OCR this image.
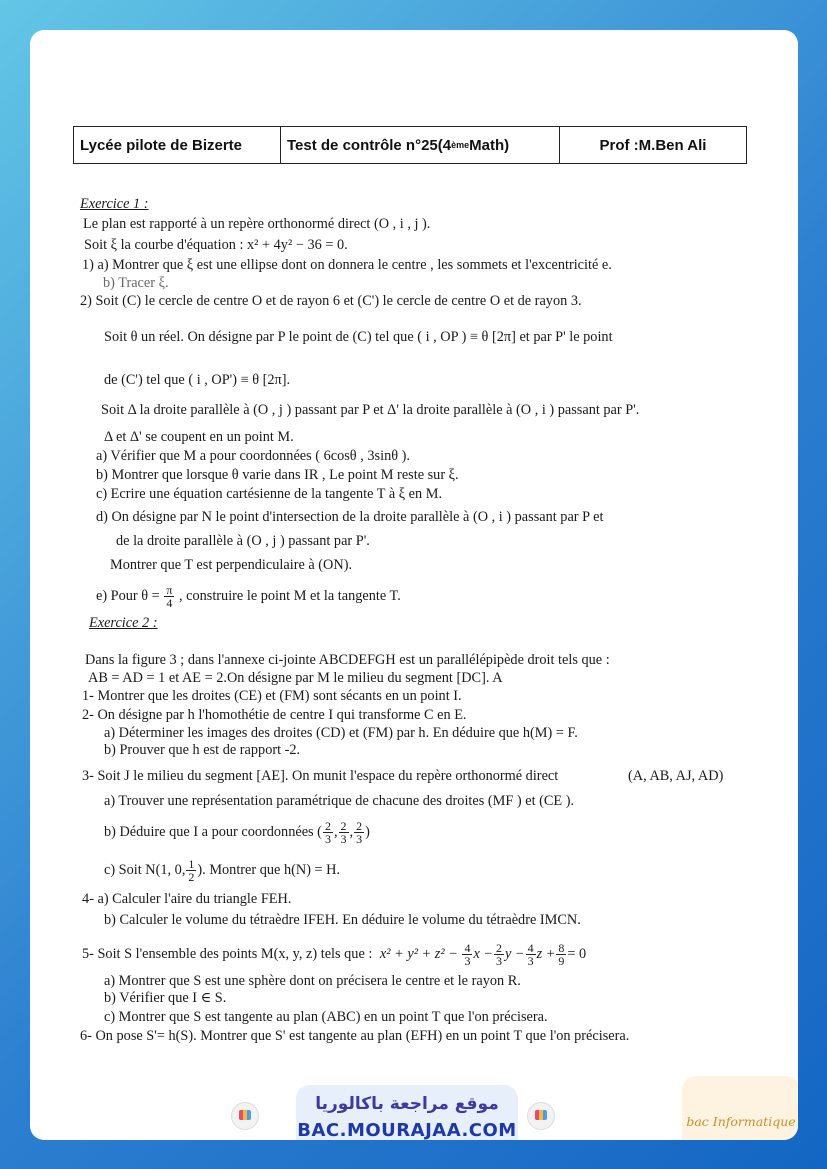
Lycée pilote de Bizerte	Test de contrôle n°25(4 ème Math)	Prof :M.Ben Ali
Exercice 1 :
Le plan est rapporté à un repère orthonormé direct (O , i , j ).
Soit ξ la courbe d'équation : x² + 4y² − 36 = 0.
1) a) Montrer que ξ est une ellipse dont on donnera le centre , les sommets et l'excentricité e.
b) Tracer ξ.
2) Soit (C) le cercle de centre O et de rayon 6 et (C') le cercle de centre O et de rayon 3.
Soit θ un réel. On désigne par P le point de (C) tel que ( i , OP ) ≡ θ [2π] et par P' le point
de (C') tel que ( i , OP') ≡ θ [2π].
Soit Δ la droite parallèle à (O , j ) passant par P et Δ' la droite parallèle à (O , i ) passant par P'.
Δ et Δ' se coupent en un point M.
a) Vérifier que M a pour coordonnées ( 6cosθ , 3sinθ ).
b) Montrer que lorsque θ varie dans IR , Le point M reste sur ξ.
c) Ecrire une équation cartésienne de la tangente T à ξ en M.
d) On désigne par N le point d'intersection de la droite parallèle à (O , i ) passant par P et
de la droite parallèle à (O , j ) passant par P'.
Montrer que T est perpendiculaire à (ON).
e) Pour $\theta = \frac{\pi}{4}$ , construire le point M et la tangente T.
Exercice 2 :
Dans la figure 3 ; dans l'annexe ci-jointe ABCDEFGH est un parallélépipède droit tels que :
AB = AD = 1 et AE = 2.On désigne par M le milieu du segment [DC]. A
1- Montrer que les droites (CE) et (FM) sont sécants en un point I.
2- On désigne par h l'homothétie de centre I qui transforme C en E.
a) Déterminer les images des droites (CD) et (FM) par h. En déduire que h(M) = F.
b) Prouver que h est de rapport -2.
3- Soit J le milieu du segment [AE]. On munit l'espace du repère orthonormé direct	(A, AB, AJ, AD)
a) Trouver une représentation paramétrique de chacune des droites (MF ) et (CE ).
b) Déduire que I a pour coordonnées ( $\frac{2}{3}$ , $\frac{2}{3}$ , $\frac{2}{3}$ )
c) Soit N(1, 0, $\frac{1}{2}$ ). Montrer que h(N) = H.
4- a) Calculer l'aire du triangle FEH.
b) Calculer le volume du tétraèdre IFEH. En déduire le volume du tétraèdre IMCN.
5- Soit S l'ensemble des points M(x, y, z) tels que : $x^2 + y^2 + z^2 - \frac{4}{3}$ $x - \frac{2}{3}$ $y - \frac{4}{3}$ $z + \frac{8}{9} = 0$
a) Montrer que S est une sphère dont on précisera le centre et le rayon R.
b) Vérifier que I ∈ S.
c) Montrer que S est tangente au plan (ABC) en un point T que l'on précisera.
6- On pose S'= h(S). Montrer que S' est tangente au plan (EFH) en un point T que l'on précisera.
موقع مراجعة باكالوريا
BAC.MOURAJAA.COM	bac Informatique
